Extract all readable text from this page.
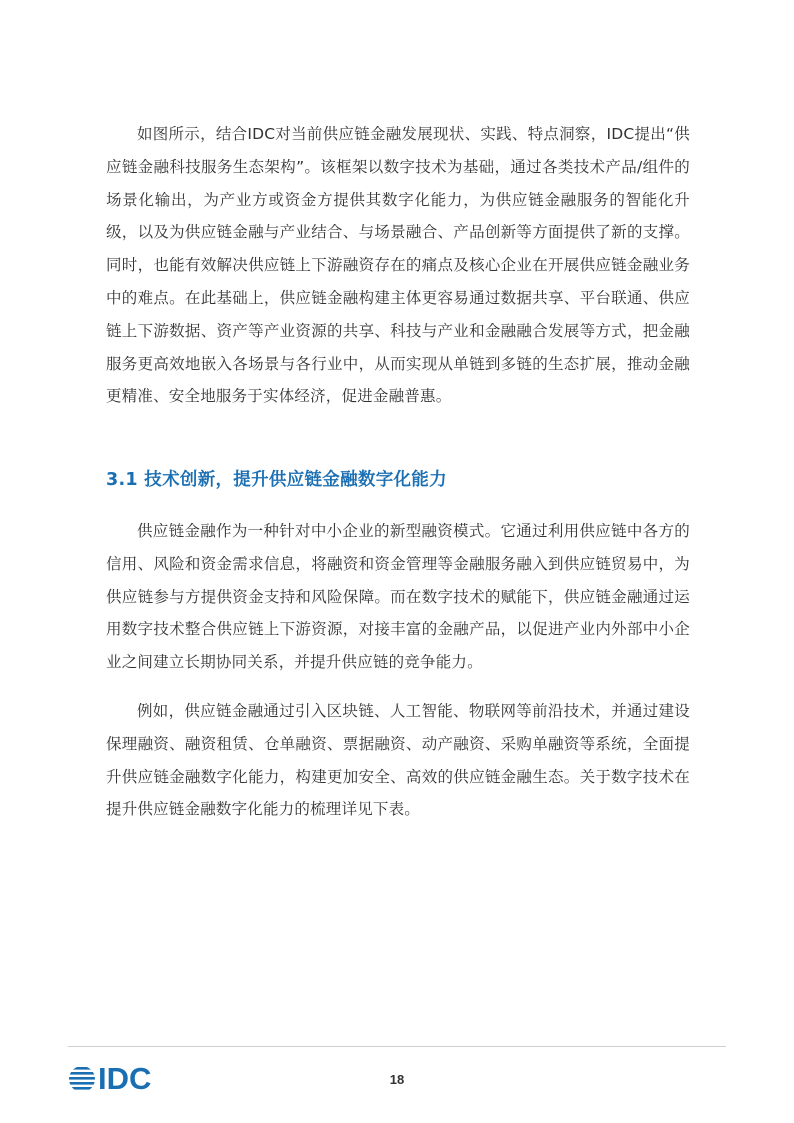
如图所示，结合IDC对当前供应链金融发展现状、实践、特点洞察，IDC提出“供应链金融科技服务生态架构”。该框架以数字技术为基础，通过各类技术产品/组件的场景化输出，为产业方或资金方提供其数字化能力，为供应链金融服务的智能化升级，以及为供应链金融与产业结合、与场景融合、产品创新等方面提供了新的支撑。同时，也能有效解决供应链上下游融资存在的痛点及核心企业在开展供应链金融业务中的难点。在此基础上，供应链金融构建主体更容易通过数据共享、平台联通、供应链上下游数据、资产等产业资源的共享、科技与产业和金融融合发展等方式，把金融服务更高效地嵌入各场景与各行业中，从而实现从单链到多链的生态扩展，推动金融更精准、安全地服务于实体经济，促进金融普惠。

3.1 技术创新，提升供应链金融数字化能力

供应链金融作为一种针对中小企业的新型融资模式。它通过利用供应链中各方的信用、风险和资金需求信息，将融资和资金管理等金融服务融入到供应链贸易中，为供应链参与方提供资金支持和风险保障。而在数字技术的赋能下，供应链金融通过运用数字技术整合供应链上下游资源，对接丰富的金融产品，以促进产业内外部中小企业之间建立长期协同关系，并提升供应链的竞争能力。

例如，供应链金融通过引入区块链、人工智能、物联网等前沿技术，并通过建设保理融资、融资租赁、仓单融资、票据融资、动产融资、采购单融资等系统，全面提升供应链金融数字化能力，构建更加安全、高效的供应链金融生态。关于数字技术在提升供应链金融数字化能力的梳理详见下表。

IDC	18
